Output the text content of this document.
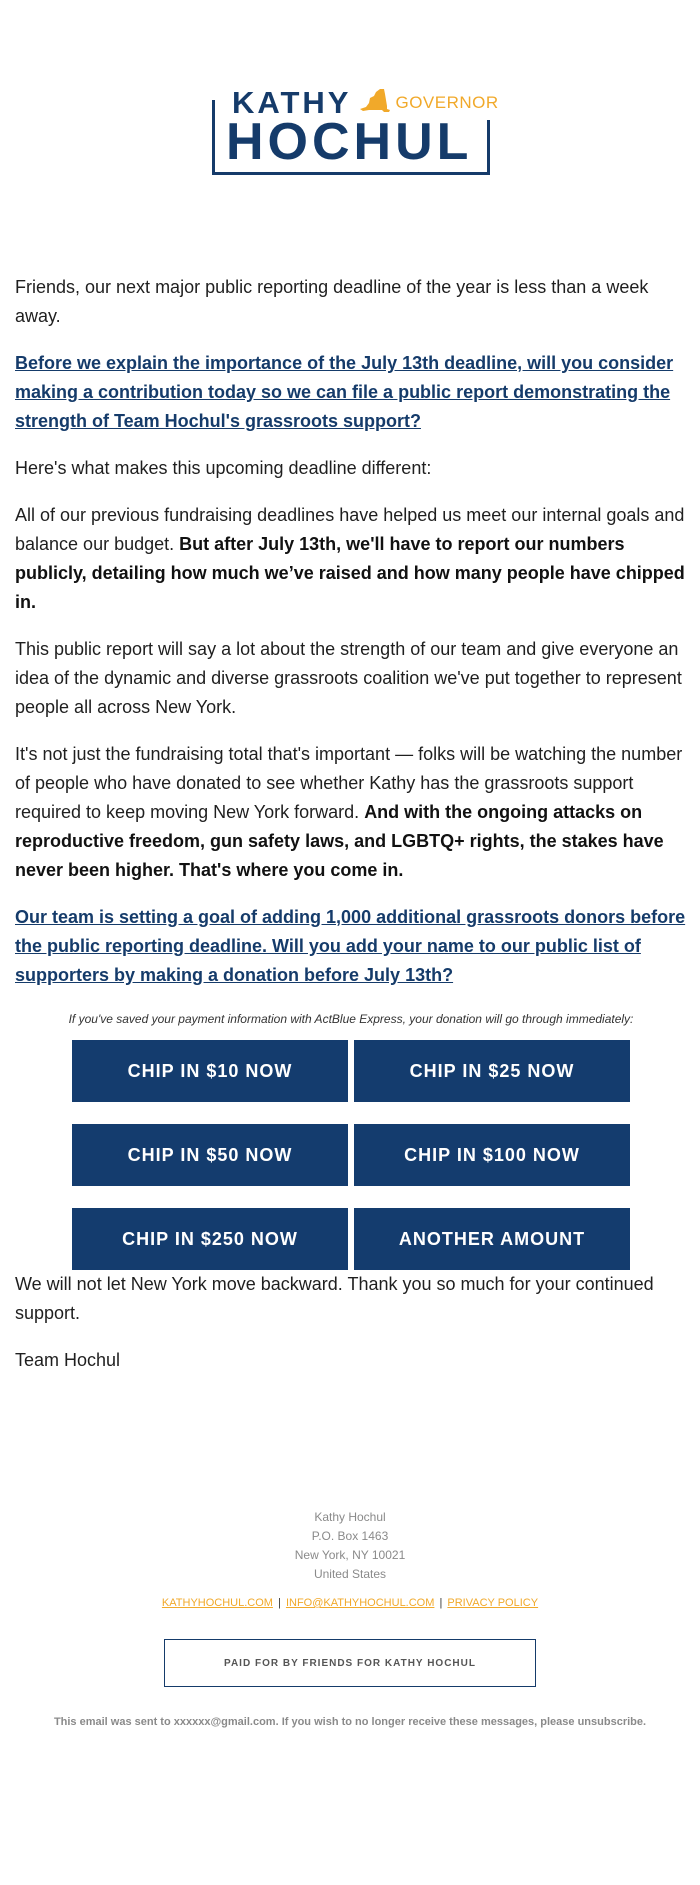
KATHY	GOVERNOR
HOCHUL

Friends, our next major public reporting deadline of the year is less than a week away.

Before we explain the importance of the July 13th deadline, will you consider making a contribution today so we can file a public report demonstrating the strength of Team Hochul's grassroots support?

Here's what makes this upcoming deadline different:

All of our previous fundraising deadlines have helped us meet our internal goals and balance our budget. But after July 13th, we'll have to report our numbers publicly, detailing how much we’ve raised and how many people have chipped in.

This public report will say a lot about the strength of our team and give everyone an idea of the dynamic and diverse grassroots coalition we've put together to represent people all across New York.

It's not just the fundraising total that's important — folks will be watching the number of people who have donated to see whether Kathy has the grassroots support required to keep moving New York forward. And with the ongoing attacks on reproductive freedom, gun safety laws, and LGBTQ+ rights, the stakes have never been higher. That's where you come in.

Our team is setting a goal of adding 1,000 additional grassroots donors before the public reporting deadline. Will you add your name to our public list of supporters by making a donation before July 13th?

If you've saved your payment information with ActBlue Express, your donation will go through immediately:
CHIP IN $10 NOW	CHIP IN $25 NOW
CHIP IN $50 NOW	CHIP IN $100 NOW
CHIP IN $250 NOW	ANOTHER AMOUNT

We will not let New York move backward. Thank you so much for your continued support.

Team Hochul

Kathy Hochul
P.O. Box 1463
New York, NY 10021
United States
KATHYHOCHUL.COM | INFO@KATHYHOCHUL.COM | PRIVACY POLICY
PAID FOR BY FRIENDS FOR KATHY HOCHUL
This email was sent to xxxxxx@gmail.com. If you wish to no longer receive these messages, please unsubscribe.
